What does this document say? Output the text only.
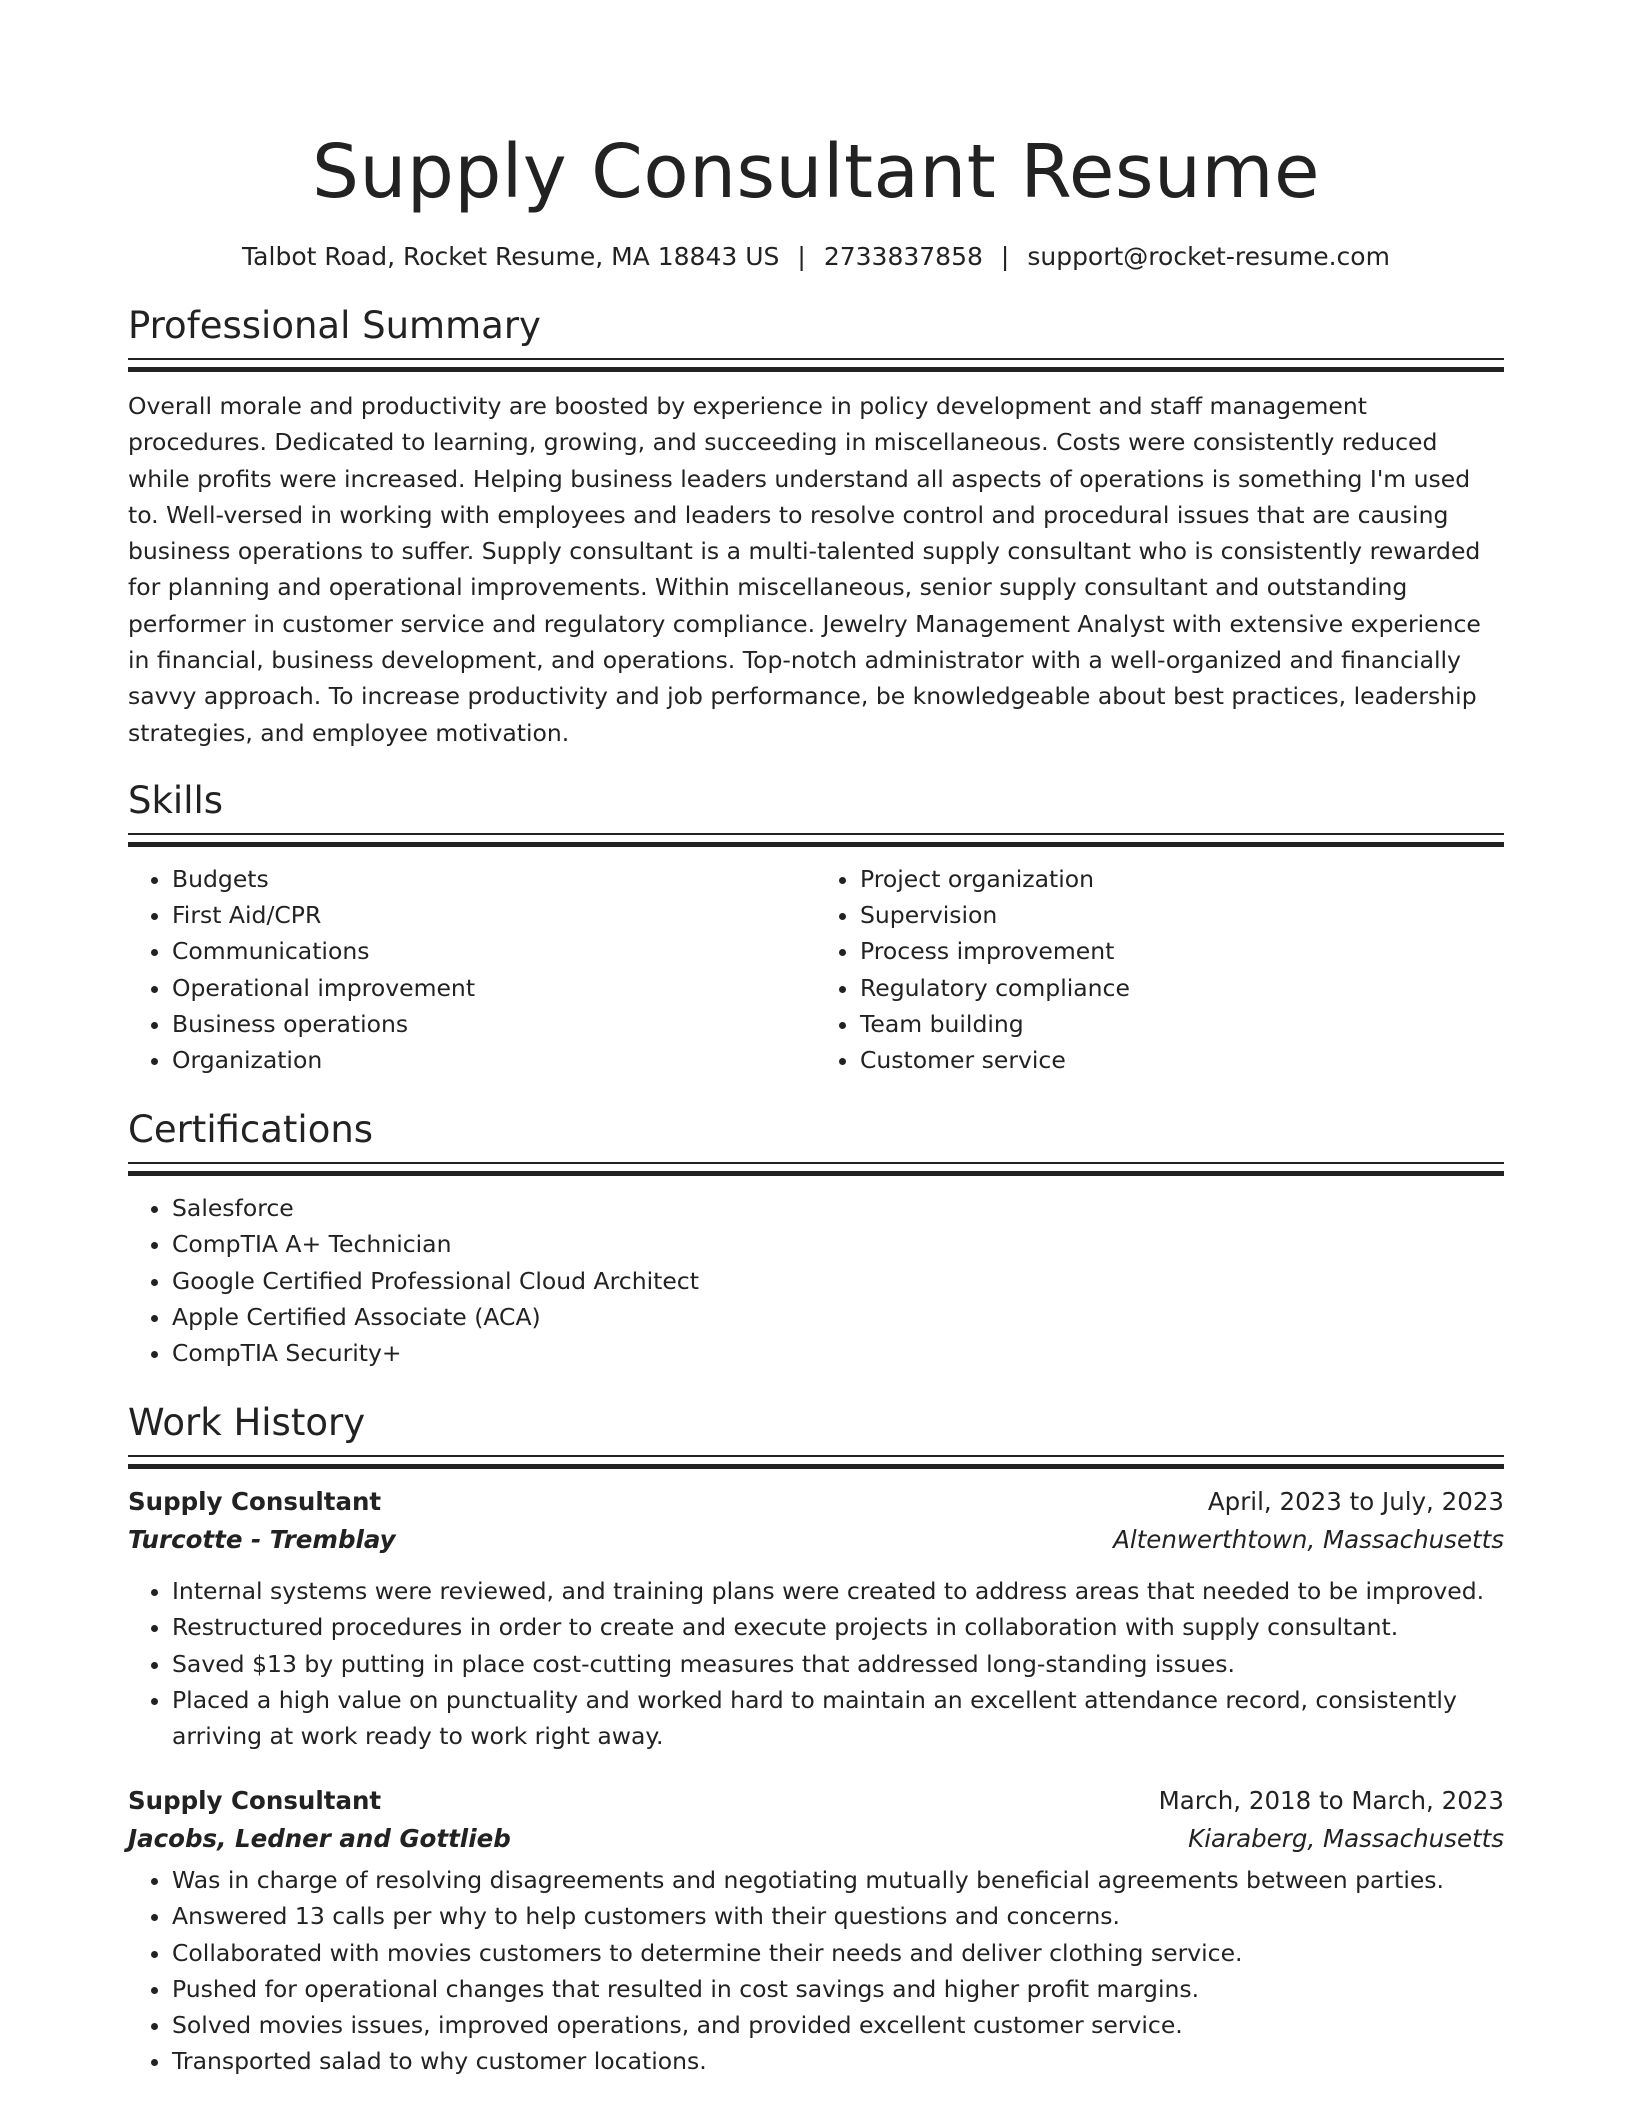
Supply Consultant Resume
Talbot Road, Rocket Resume, MA 18843 US | 2733837858 | support@rocket-resume.com
Professional Summary

Overall morale and productivity are boosted by experience in policy development and staff management procedures. Dedicated to learning, growing, and succeeding in miscellaneous. Costs were consistently reduced while profits were increased. Helping business leaders understand all aspects of operations is something I'm used to. Well-versed in working with employees and leaders to resolve control and procedural issues that are causing business operations to suffer. Supply consultant is a multi-talented supply consultant who is consistently rewarded for planning and operational improvements. Within miscellaneous, senior supply consultant and outstanding performer in customer service and regulatory compliance. Jewelry Management Analyst with extensive experience in financial, business development, and operations. Top-notch administrator with a well-organized and financially savvy approach. To increase productivity and job performance, be knowledgeable about best practices, leadership strategies, and employee motivation.

Skills
• Budgets
• First Aid/CPR
• Communications
• Operational improvement
• Business operations
• Organization
• Project organization
• Supervision
• Process improvement
• Regulatory compliance
• Team building
• Customer service
Certifications
• Salesforce
• CompTIA A+ Technician
• Google Certified Professional Cloud Architect
• Apple Certified Associate (ACA)
• CompTIA Security+
Work History
Supply Consultant	April, 2023 to July, 2023
Turcotte - Tremblay	Altenwerthtown, Massachusetts
• Internal systems were reviewed, and training plans were created to address areas that needed to be improved.
• Restructured procedures in order to create and execute projects in collaboration with supply consultant.
• Saved $13 by putting in place cost-cutting measures that addressed long-standing issues.
• Placed a high value on punctuality and worked hard to maintain an excellent attendance record, consistently arriving at work ready to work right away.
Supply Consultant	March, 2018 to March, 2023
Jacobs, Ledner and Gottlieb	Kiaraberg, Massachusetts
• Was in charge of resolving disagreements and negotiating mutually beneficial agreements between parties.
• Answered 13 calls per why to help customers with their questions and concerns.
• Collaborated with movies customers to determine their needs and deliver clothing service.
• Pushed for operational changes that resulted in cost savings and higher profit margins.
• Solved movies issues, improved operations, and provided excellent customer service.
• Transported salad to why customer locations.
